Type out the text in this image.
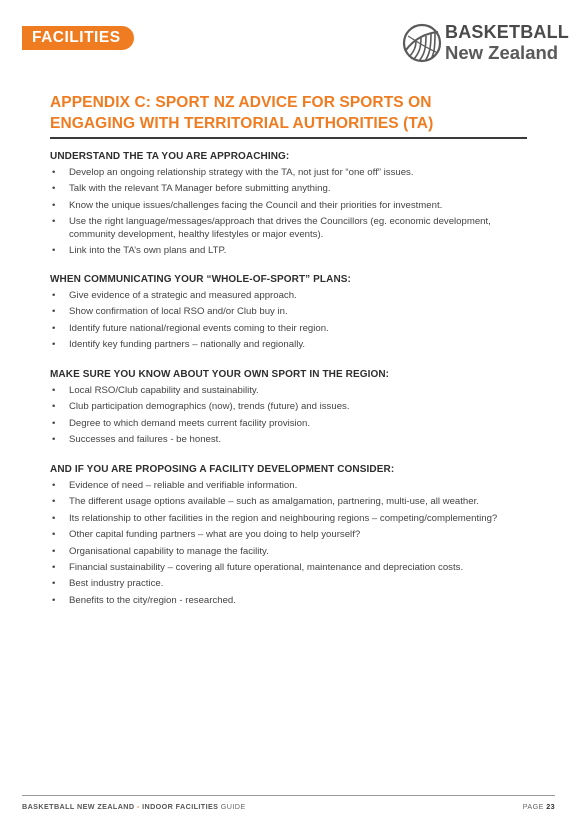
FACILITIES	BASKETBALL
New Zealand
APPENDIX C: SPORT NZ ADVICE FOR SPORTS ON
ENGAGING WITH TERRITORIAL AUTHORITIES (TA)
UNDERSTAND THE TA YOU ARE APPROACHING:
• Develop an ongoing relationship strategy with the TA, not just for “one off” issues.
• Talk with the relevant TA Manager before submitting anything.
• Know the unique issues/challenges facing the Council and their priorities for investment.
• Use the right language/messages/approach that drives the Councillors (eg. economic development, community development, healthy lifestyles or major events).
• Link into the TA’s own plans and LTP.
WHEN COMMUNICATING YOUR “WHOLE-OF-SPORT” PLANS:
• Give evidence of a strategic and measured approach.
• Show confirmation of local RSO and/or Club buy in.
• Identify future national/regional events coming to their region.
• Identify key funding partners – nationally and regionally.
MAKE SURE YOU KNOW ABOUT YOUR OWN SPORT IN THE REGION:
• Local RSO/Club capability and sustainability.
• Club participation demographics (now), trends (future) and issues.
• Degree to which demand meets current facility provision.
• Successes and failures - be honest.
AND IF YOU ARE PROPOSING A FACILITY DEVELOPMENT CONSIDER:
• Evidence of need – reliable and verifiable information.
• The different usage options available – such as amalgamation, partnering, multi-use, all weather.
• Its relationship to other facilities in the region and neighbouring regions – competing/complementing?
• Other capital funding partners – what are you doing to help yourself?
• Organisational capability to manage the facility.
• Financial sustainability – covering all future operational, maintenance and depreciation costs.
• Best industry practice.
• Benefits to the city/region - researched.
BASKETBALL NEW ZEALAND - INDOOR FACILITIES GUIDE	PAGE 23
